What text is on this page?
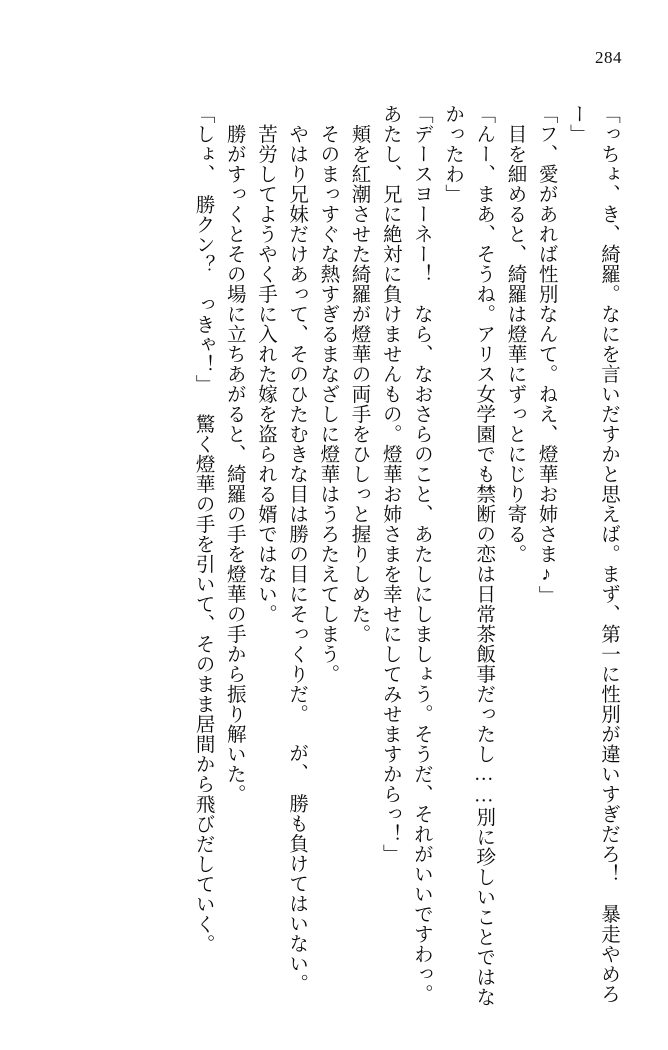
284

「っちょ、き、綺羅。なにを言いだすかと思えば。まず、第一に性別が違いすぎだろ！　暴走やめろー」

「フ、愛があれば性別なんて。ねえ、燈華お姉さま♪」

目を細めると、綺羅は燈華にずっとにじり寄る。

「んー、まあ、そうね。アリス女学園でも禁断の恋は日常茶飯事だったし……別に珍しいことではなかったわ」

「デースヨーネー！　なら、なおさらのこと、あたしにしましょう。そうだ、それがいいですわっ。あたし、兄に絶対に負けませんもの。燈華お姉さまを幸せにしてみせますからっ！」

頬を紅潮させた綺羅が燈華の両手をひしっと握りしめた。

そのまっすぐな熱すぎるまなざしに燈華はうろたえてしまう。

やはり兄妹だけあって、そのひたむきな目は勝の目にそっくりだ。

が、　勝も負けてはいない。

苦労してようやく手に入れた嫁を盗られる婿ではない。

勝がすっくとその場に立ちあがると、綺羅の手を燈華の手から振り解いた。

「しょ、　勝クン？　っきゃ！」

驚く燈華の手を引いて、そのまま居間から飛びだしていく。
